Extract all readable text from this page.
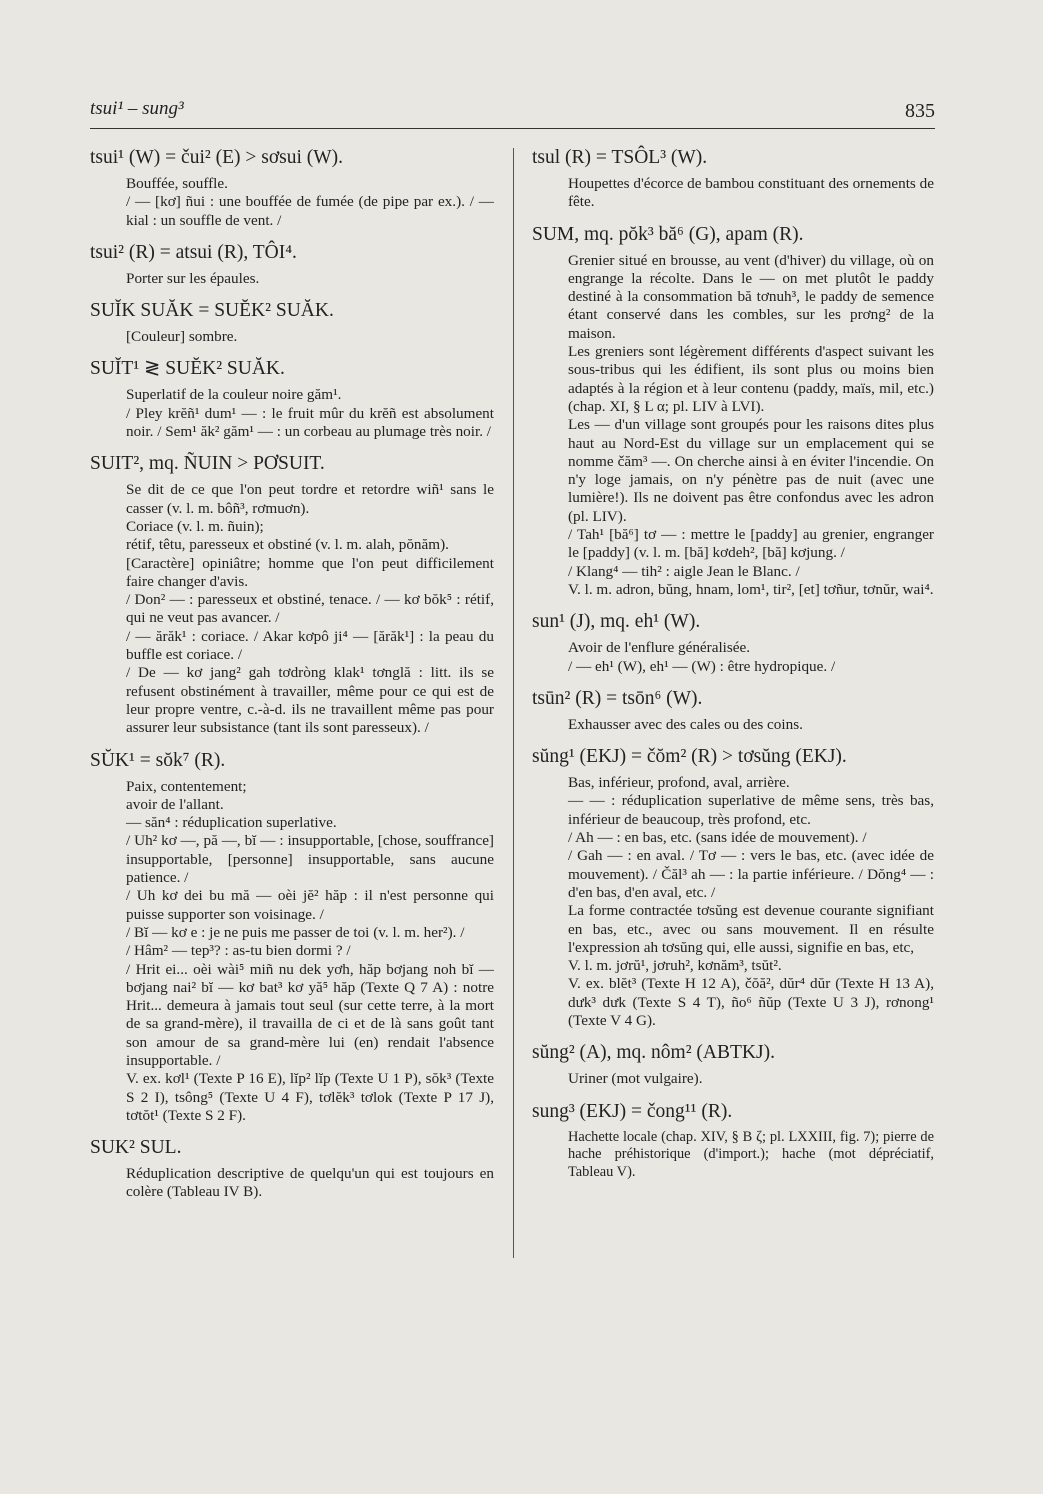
tsui¹ – sung³	835
tsui¹ (W) = čui² (E) > sơsui (W).

Bouffée, souffle.

/ — [kơ] ñui : une bouffée de fumée (de pipe par ex.). / — kial : un souffle de vent. /

tsui² (R) = atsui (R), TÔI⁴.

Porter sur les épaules.

SUĬK SUĂK = SUĔK² SUĂK.

[Couleur] sombre.

SUĬT¹ ≷ SUĔK² SUĂK.

Superlatif de la couleur noire găm¹.

/ Pley krĕñ¹ dum¹ — : le fruit mûr du krĕñ est absolument noir. / Sem¹ ăk² găm¹ — : un corbeau au plumage très noir. /

SUIT², mq. ÑUIN > PƠSUIT.

Se dit de ce que l'on peut tordre et retordre wiñ¹ sans le casser (v. l. m. bôñ³, rơmuơn).

Coriace (v. l. m. ñuin);

rétif, têtu, paresseux et obstiné (v. l. m. alah, pŏnăm).

[Caractère] opiniâtre; homme que l'on peut difficilement faire changer d'avis.

/ Don² — : paresseux et obstiné, tenace. / — kơ bŏk⁵ : rétif, qui ne veut pas avancer. /

/ — ărăk¹ : coriace. / Akar kơpô ji⁴ — [ărăk¹] : la peau du buffle est coriace. /

/ De — kơ jang² gah tơdròng klak¹ tơnglă : litt. ils se refusent obstinément à travailler, même pour ce qui est de leur propre ventre, c.-à-d. ils ne travaillent même pas pour assurer leur subsistance (tant ils sont paresseux). /

SŬK¹ = sŏk⁷ (R).

Paix, contentement;

avoir de l'allant.

— săn⁴ : réduplication superlative.

/ Uh² kơ —, pă —, bĭ — : insupportable, [chose, souffrance] insupportable, [personne] insupportable, sans aucune patience. /

/ Uh kơ dei bu mă — oèi jĕ² hăp : il n'est personne qui puisse supporter son voisinage. /

/ Bĭ — kơ e : je ne puis me passer de toi (v. l. m. her²). /

/ Hâm² — tep³? : as-tu bien dormi ? /

/ Hrit ei... oèi wài⁵ miñ nu dek yơh, hăp bơjang noh bĭ — bơjang nai² bĭ — kơ bat³ kơ yă⁵ hăp (Texte Q 7 A) : notre Hrit... demeura à jamais tout seul (sur cette terre, à la mort de sa grand-mère), il travailla de ci et de là sans goût tant son amour de sa grand-mère lui (en) rendait l'absence insupportable. /

V. ex. kơl¹ (Texte P 16 E), lĭp² lĭp (Texte U 1 P), sŏk³ (Texte S 2 I), tsông⁵ (Texte U 4 F), tơlĕk³ tơlok (Texte P 17 J), tơtŏt¹ (Texte S 2 F).

SUK² SUL.

Réduplication descriptive de quelqu'un qui est toujours en colère (Tableau IV B).

tsul (R) = TSÔL³ (W).

Houpettes d'écorce de bambou constituant des ornements de fête.

SUM, mq. pŏk³ bă⁶ (G), apam (R).

Grenier situé en brousse, au vent (d'hiver) du village, où on engrange la récolte. Dans le — on met plutôt le paddy destiné à la consommation bă tơnuh³, le paddy de semence étant conservé dans les combles, sur les prơng² de la maison.

Les greniers sont légèrement différents d'aspect suivant les sous-tribus qui les édifient, ils sont plus ou moins bien adaptés à la région et à leur contenu (paddy, maïs, mil, etc.) (chap. XI, § L α; pl. LIV à LVI).

Les — d'un village sont groupés pour les raisons dites plus haut au Nord-Est du village sur un emplacement qui se nomme čăm³ —. On cherche ainsi à en éviter l'incendie. On n'y loge jamais, on n'y pénètre pas de nuit (avec une lumière!). Ils ne doivent pas être confondus avec les adron (pl. LIV).

/ Tah¹ [bă⁶] tơ — : mettre le [paddy] au grenier, engranger le [paddy] (v. l. m. [bă] kơdeh², [bă] kơjung. /

/ Klang⁴ — tih² : aigle Jean le Blanc. /

V. l. m. adron, bŭng, hnam, lom¹, tir², [et] tơñur, tơnŭr, wai⁴.

sun¹ (J), mq. eh¹ (W).

Avoir de l'enflure généralisée.

/ — eh¹ (W), eh¹ — (W) : être hydropique. /

tsūn² (R) = tsōn⁶ (W).

Exhausser avec des cales ou des coins.

sŭng¹ (EKJ) = čŏm² (R) > tơsŭng (EKJ).

Bas, inférieur, profond, aval, arrière.

— — : réduplication superlative de même sens, très bas, inférieur de beaucoup, très profond, etc.

/ Ah — : en bas, etc. (sans idée de mouvement). /

/ Gah — : en aval. / Tơ — : vers le bas, etc. (avec idée de mouvement). / Čăl³ ah — : la partie inférieure. / Dŏng⁴ — : d'en bas, d'en aval, etc. /

La forme contractée tơsŭng est devenue courante signifiant en bas, etc., avec ou sans mouvement. Il en résulte l'expression ah tơsŭng qui, elle aussi, signifie en bas, etc,

V. l. m. jơrŭ¹, jơruh², kơnăm³, tsŭt².

V. ex. blĕt³ (Texte H 12 A), čŏă², dŭr⁴ dŭr (Texte H 13 A), dưk³ dưk (Texte S 4 T), ño⁶ ñŭp (Texte U 3 J), rơnong¹ (Texte V 4 G).

sŭng² (A), mq. nôm² (ABTKJ).

Uriner (mot vulgaire).

sung³ (EKJ) = čong¹¹ (R).

Hachette locale (chap. XIV, § B ζ; pl. LXXIII, fig. 7); pierre de hache préhistorique (d'import.); hache (mot dépréciatif, Tableau V).
